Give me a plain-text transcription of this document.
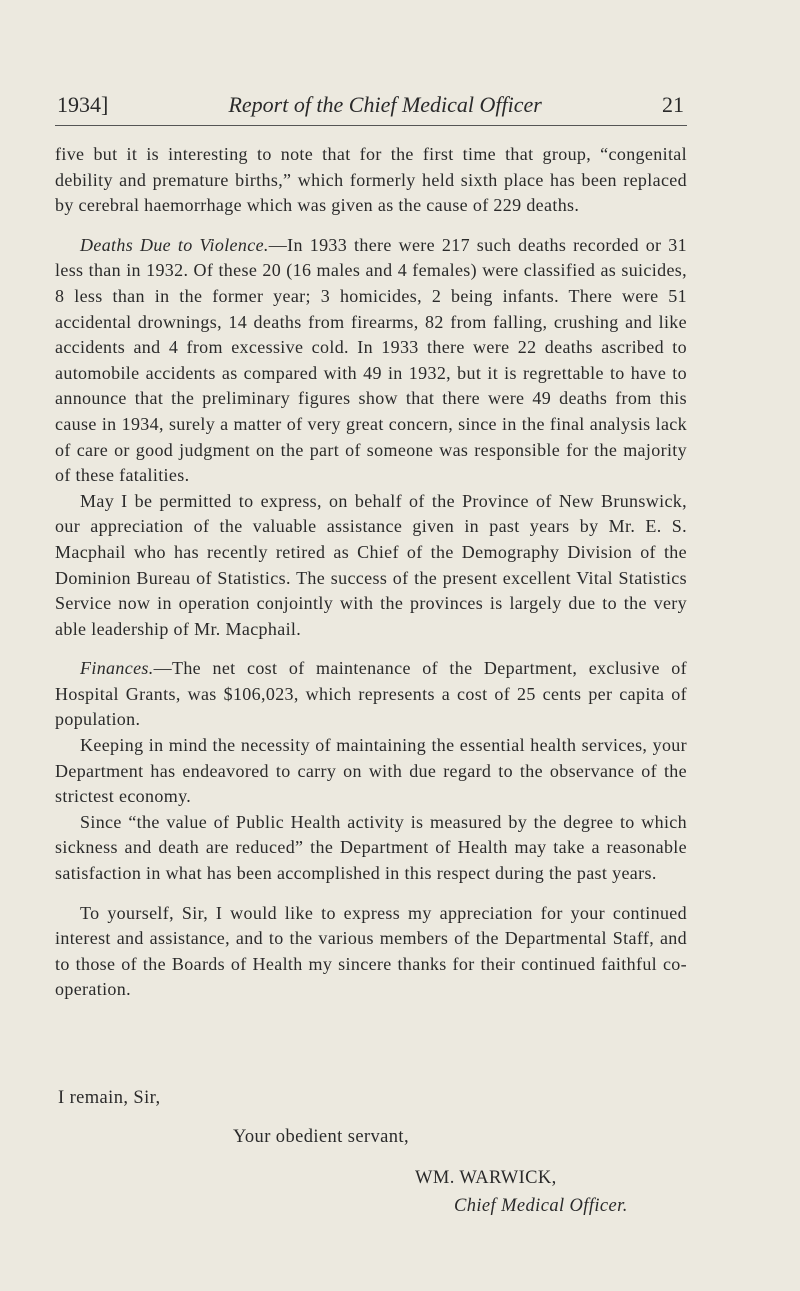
1934]	Report of the Chief Medical Officer	21

five but it is interesting to note that for the first time that group, “congenital debility and premature births,” which formerly held sixth place has been replaced by cerebral haemorrhage which was given as the cause of 229 deaths.

Deaths Due to Violence.—In 1933 there were 217 such deaths recorded or 31 less than in 1932. Of these 20 (16 males and 4 females) were classified as suicides, 8 less than in the former year; 3 homicides, 2 being infants. There were 51 accidental drownings, 14 deaths from firearms, 82 from falling, crushing and like accidents and 4 from excessive cold. In 1933 there were 22 deaths ascribed to automobile accidents as compared with 49 in 1932, but it is regrettable to have to announce that the preliminary figures show that there were 49 deaths from this cause in 1934, surely a matter of very great concern, since in the final analysis lack of care or good judgment on the part of someone was responsible for the majority of these fatalities.

May I be permitted to express, on behalf of the Province of New Brunswick, our appreciation of the valuable assistance given in past years by Mr. E. S. Macphail who has recently retired as Chief of the Demography Division of the Dominion Bureau of Statistics. The success of the present excellent Vital Statistics Service now in operation conjointly with the provinces is largely due to the very able leadership of Mr. Macphail.

Finances.—The net cost of maintenance of the Department, exclusive of Hospital Grants, was $106,023, which represents a cost of 25 cents per capita of population.

Keeping in mind the necessity of maintaining the essential health services, your Department has endeavored to carry on with due regard to the observance of the strictest economy.

Since “the value of Public Health activity is measured by the degree to which sickness and death are reduced” the Department of Health may take a reasonable satisfaction in what has been accomplished in this respect during the past years.

To yourself, Sir, I would like to express my appreciation for your continued interest and assistance, and to the various members of the Departmental Staff, and to those of the Boards of Health my sincere thanks for their continued faithful co-operation.

I remain, Sir,
Your obedient servant,
WM. WARWICK,
Chief Medical Officer.
